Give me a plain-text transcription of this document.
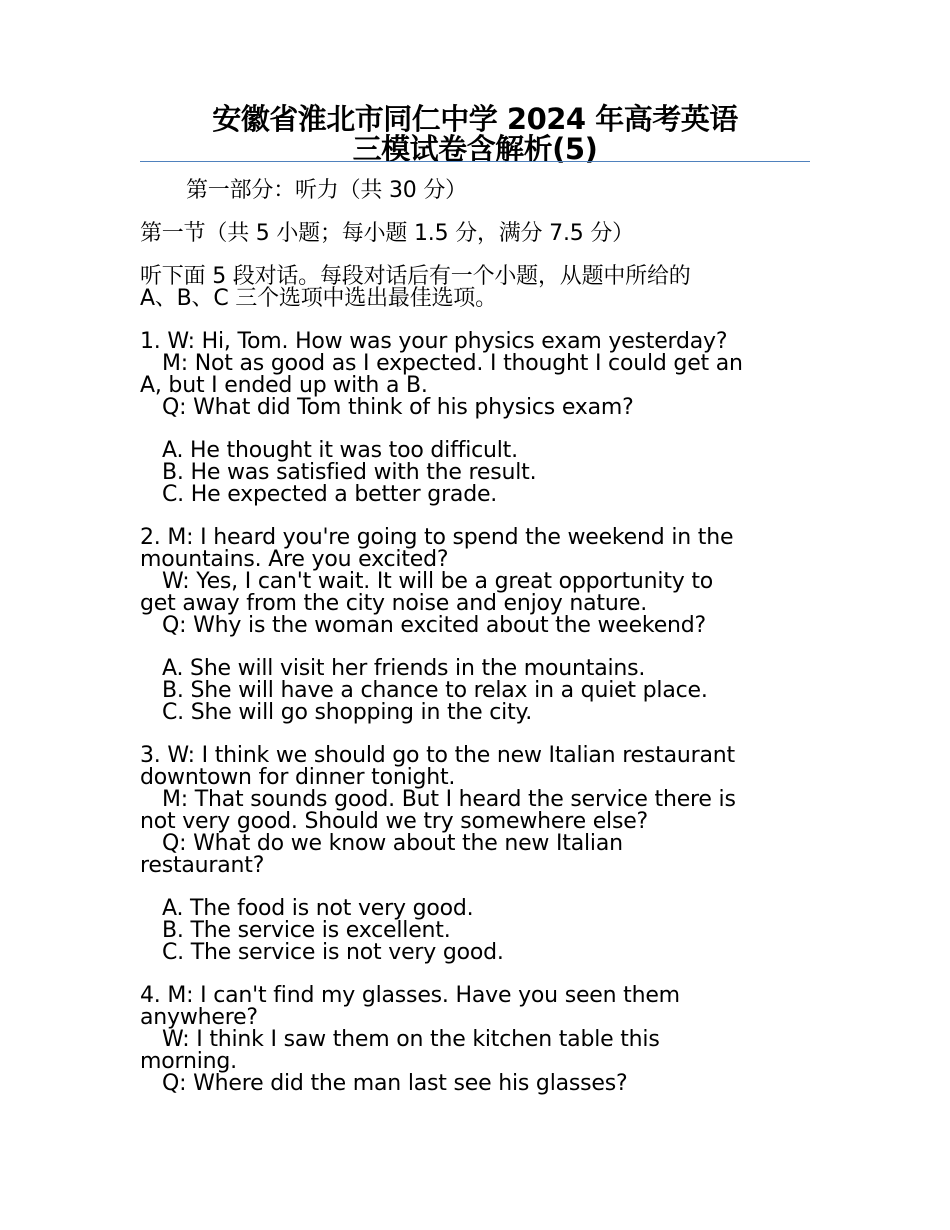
安徽省淮北市同仁中学 2024 年高考英语
三模试卷含解析(5)
第一部分：听力（共 30 分）
第一节（共 5 小题；每小题 1.5 分，满分 7.5 分）
听下面 5 段对话。每段对话后有一个小题，从题中所给的
A、B、C 三个选项中选出最佳选项。
1. W: Hi, Tom. How was your physics exam yesterday?
M: Not as good as I expected. I thought I could get an
A, but I ended up with a B.
Q: What did Tom think of his physics exam?
A. He thought it was too difficult.
B. He was satisfied with the result.
C. He expected a better grade.
2. M: I heard you're going to spend the weekend in the
mountains. Are you excited?
W: Yes, I can't wait. It will be a great opportunity to
get away from the city noise and enjoy nature.
Q: Why is the woman excited about the weekend?
A. She will visit her friends in the mountains.
B. She will have a chance to relax in a quiet place.
C. She will go shopping in the city.
3. W: I think we should go to the new Italian restaurant
downtown for dinner tonight.
M: That sounds good. But I heard the service there is
not very good. Should we try somewhere else?
Q: What do we know about the new Italian
restaurant?
A. The food is not very good.
B. The service is excellent.
C. The service is not very good.
4. M: I can't find my glasses. Have you seen them
anywhere?
W: I think I saw them on the kitchen table this
morning.
Q: Where did the man last see his glasses?
